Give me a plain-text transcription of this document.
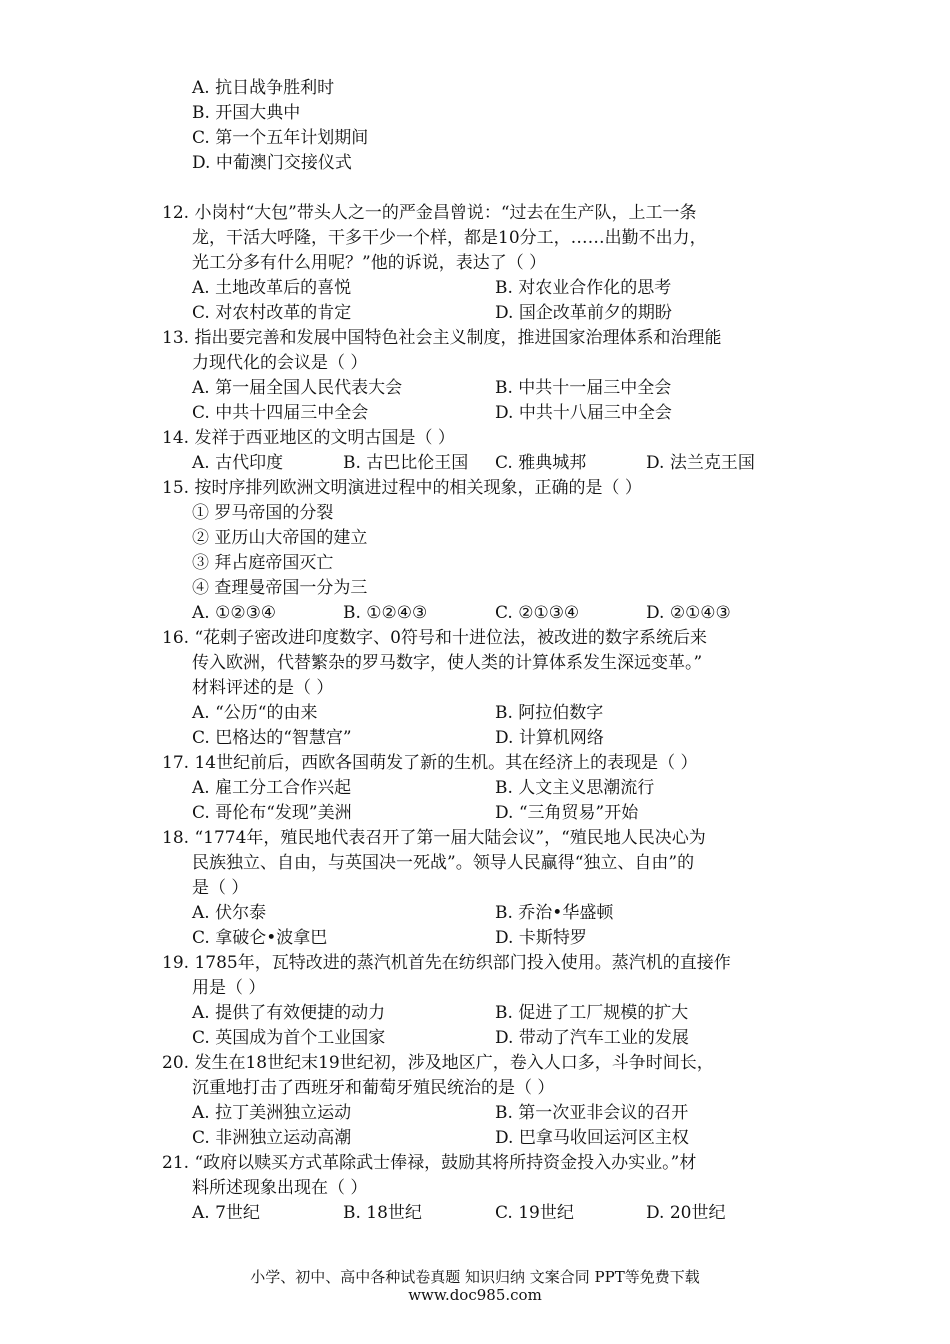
A. 抗日战争胜利时
B. 开国大典中
C. 第一个五年计划期间
D. 中葡澳门交接仪式
12. 小岗村“大包”带头人之一的严金昌曾说：“过去在生产队，上工一条
龙，干活大呼隆，干多干少一个样，都是10分工，……出勤不出力，
光工分多有什么用呢？”他的诉说，表达了（ ）
A. 土地改革后的喜悦	B. 对农业合作化的思考
C. 对农村改革的肯定	D. 国企改革前夕的期盼
13. 指出要完善和发展中国特色社会主义制度，推进国家治理体系和治理能
力现代化的会议是（ ）
A. 第一届全国人民代表大会	B. 中共十一届三中全会
C. 中共十四届三中全会	D. 中共十八届三中全会
14. 发祥于西亚地区的文明古国是（ ）
A. 古代印度	B. 古巴比伦王国 C. 雅典城邦	D. 法兰克王国
15. 按时序排列欧洲文明演进过程中的相关现象，正确的是（ ）
① 罗马帝国的分裂
② 亚历山大帝国的建立
③ 拜占庭帝国灭亡
④ 查理曼帝国一分为三
A. ①②③④	B. ①②④③	C. ②①③④	D. ②①④③
16. “花剌子密改进印度数字、0符号和十进位法，被改进的数字系统后来
传入欧洲，代替繁杂的罗马数字，使人类的计算体系发生深远变革。”
材料评述的是（ ）
A. “公历“的由来	B. 阿拉伯数字
C. 巴格达的“智慧宫”	D. 计算机网络
17. 14世纪前后，西欧各国萌发了新的生机。其在经济上的表现是（ ）
A. 雇工分工合作兴起	B. 人文主义思潮流行
C. 哥伦布“发现”美洲	D. “三角贸易”开始
18. “1774年，殖民地代表召开了第一届大陆会议”，“殖民地人民决心为
民族独立、自由，与英国决一死战”。领导人民赢得“独立、自由”的
是（ ）
A. 伏尔泰	B. 乔治•华盛顿
C. 拿破仑•波拿巴	D. 卡斯特罗
19. 1785年，瓦特改进的蒸汽机首先在纺织部门投入使用。蒸汽机的直接作
用是（ ）
A. 提供了有效便捷的动力	B. 促进了工厂规模的扩大
C. 英国成为首个工业国家	D. 带动了汽车工业的发展
20. 发生在18世纪末19世纪初，涉及地区广，卷入人口多，斗争时间长，
沉重地打击了西班牙和葡萄牙殖民统治的是（ ）
A. 拉丁美洲独立运动	B. 第一次亚非会议的召开
C. 非洲独立运动高潮	D. 巴拿马收回运河区主权
21. “政府以赎买方式革除武士俸禄，鼓励其将所持资金投入办实业。”材
料所述现象出现在（ ）
A. 7世纪	B. 18世纪	C. 19世纪	D. 20世纪
小学、初中、高中各种试卷真题 知识归纳 文案合同 PPT等免费下载
www.doc985.com
